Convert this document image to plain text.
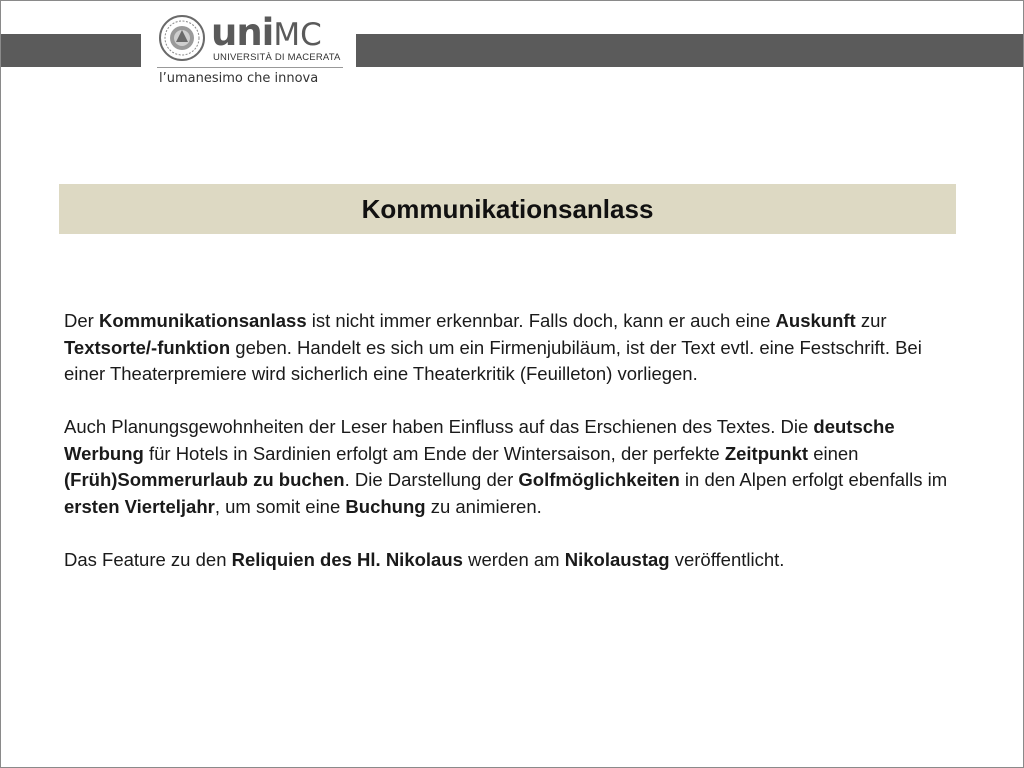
uniMC
UNIVERSITÀ DI MACERATA
l’umanesimo che innova
Kommunikationsanlass

Der Kommunikationsanlass ist nicht immer erkennbar. Falls doch, kann er auch eine Auskunft zur Textsorte/-funktion geben. Handelt es sich um ein Firmenjubiläum, ist der Text evtl. eine Festschrift. Bei einer Theaterpremiere wird sicherlich eine Theaterkritik (Feuilleton) vorliegen.

Auch Planungsgewohnheiten der Leser haben Einfluss auf das Erschienen des Textes. Die deutsche Werbung für Hotels in Sardinien erfolgt am Ende der Wintersaison, der perfekte Zeitpunkt einen (Früh)Sommerurlaub zu buchen. Die Darstellung der Golfmöglichkeiten in den Alpen erfolgt ebenfalls im ersten Vierteljahr, um somit eine Buchung zu animieren.

Das Feature zu den Reliquien des Hl. Nikolaus werden am Nikolaustag veröffentlicht.
